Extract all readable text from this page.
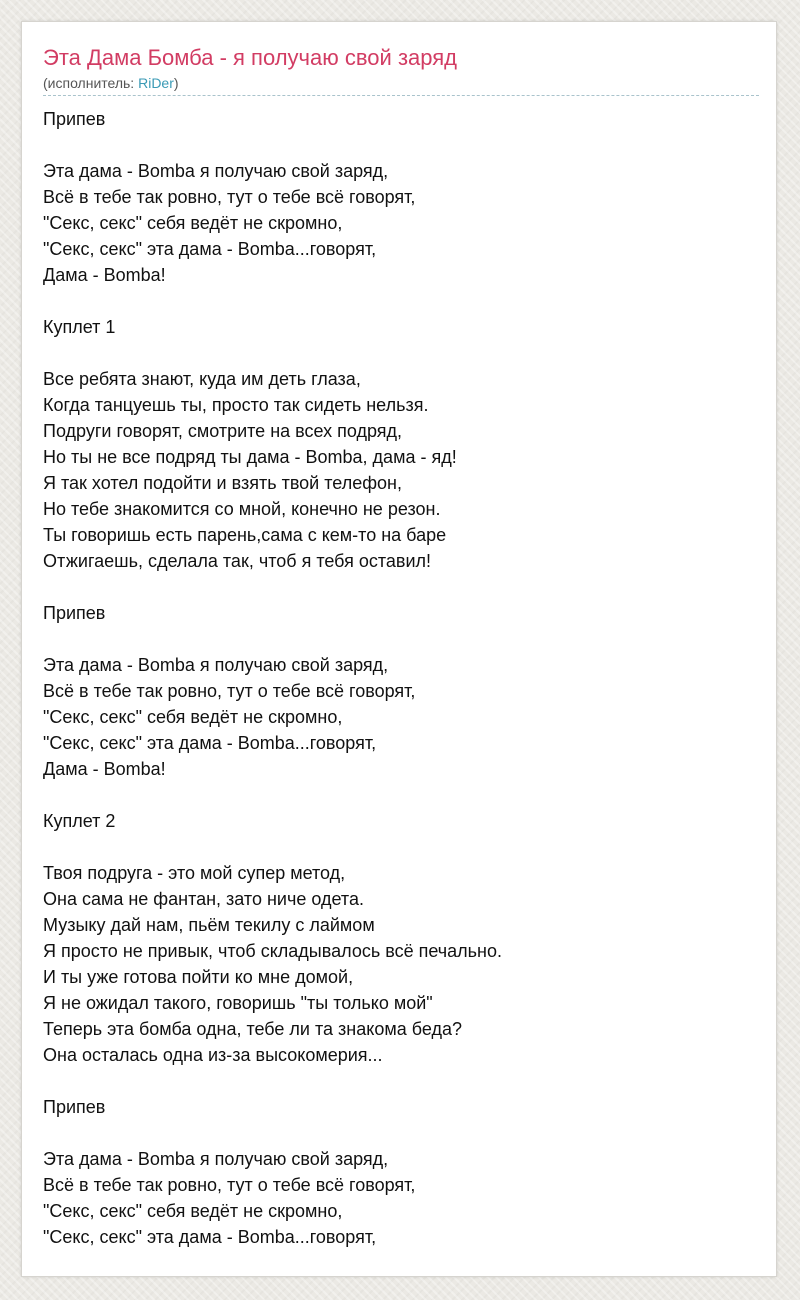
Эта Дама Бомба - я получаю свой заряд
(исполнитель: RiDer)
Припев
Эта дама - Bomba я получаю свой заряд,
Всё в тебе так ровно, тут о тебе всё говорят,
"Секс, секс" себя ведёт не скромно,
"Секс, секс" эта дама - Bomba...говорят,
Дама - Bomba!
Куплет 1
Все ребята знают, куда им деть глаза,
Когда танцуешь ты, просто так сидеть нельзя.
Подруги говорят, смотрите на всех подряд,
Но ты не все подряд ты дама - Bomba, дама - яд!
Я так хотел подойти и взять твой телефон,
Но тебе знакомится со мной, конечно не резон.
Ты говоришь есть парень,сама с кем-то на баре
Отжигаешь, сделала так, чтоб я тебя оставил!
Припев
Эта дама - Bomba я получаю свой заряд,
Всё в тебе так ровно, тут о тебе всё говорят,
"Секс, секс" себя ведёт не скромно,
"Секс, секс" эта дама - Bomba...говорят,
Дама - Bomba!
Куплет 2
Твоя подруга - это мой супер метод,
Она сама не фантан, зато ниче одета.
Музыку дай нам, пьём текилу с лаймом
Я просто не привык, чтоб складывалось всё печально.
И ты уже готова пойти ко мне домой,
Я не ожидал такого, говоришь "ты только мой"
Теперь эта бомба одна, тебе ли та знакома беда?
Она осталась одна из-за высокомерия...
Припев
Эта дама - Bomba я получаю свой заряд,
Всё в тебе так ровно, тут о тебе всё говорят,
"Секс, секс" себя ведёт не скромно,
"Секс, секс" эта дама - Bomba...говорят,
